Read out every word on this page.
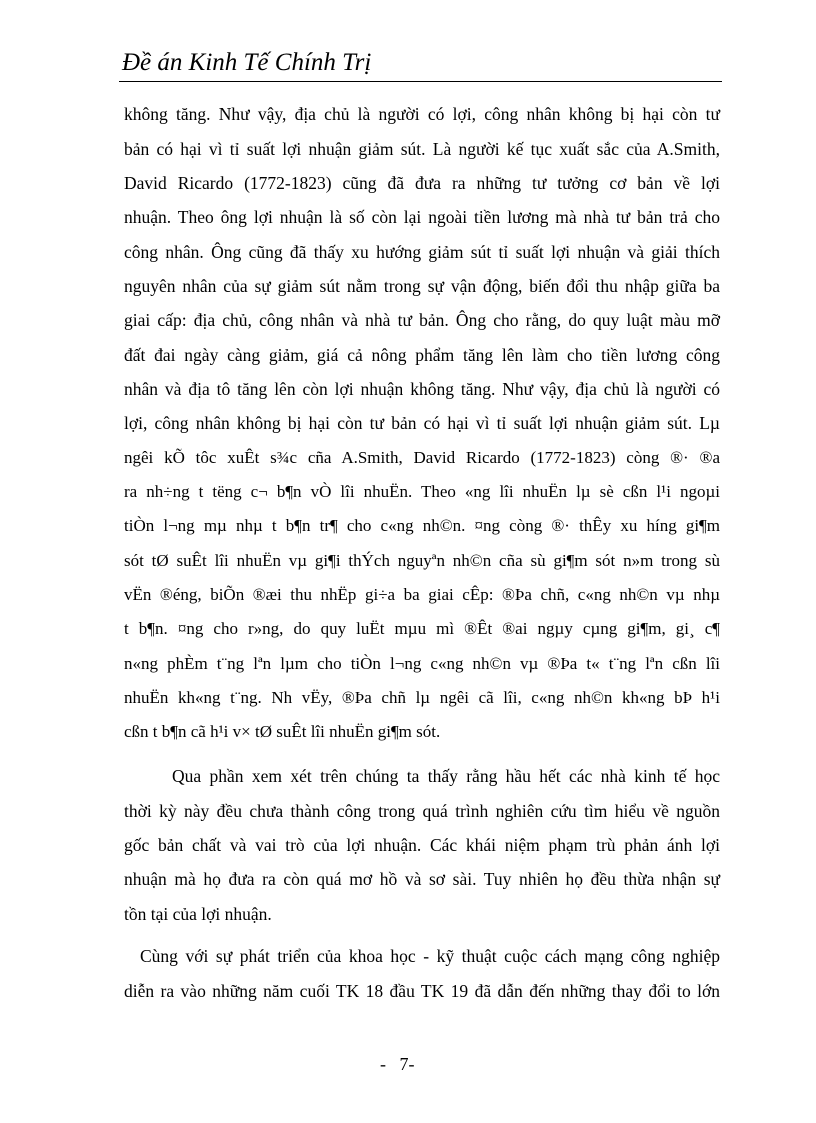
Đề án Kinh Tế Chính Trị
không tăng. Như vậy, địa chủ là người có lợi, công nhân không bị hại còn tư
bản có hại vì tỉ suất lợi nhuận giảm sút. Là người kế tục xuất sắc của A.Smith,
David Ricardo (1772-1823) cũng đã đưa ra những tư tưởng cơ bản về lợi
nhuận. Theo ông lợi nhuận là số còn lại ngoài tiền lương mà nhà tư bản trả cho
công nhân. Ông cũng đã thấy xu hướng giảm sút tỉ suất lợi nhuận và giải thích
nguyên nhân của sự giảm sút nằm trong sự vận động, biến đổi thu nhập giữa ba
giai cấp: địa chủ, công nhân và nhà tư bản. Ông cho rằng, do quy luật màu mỡ
đất đai ngày càng giảm, giá cả nông phẩm tăng lên làm cho tiền lương công
nhân và địa tô tăng lên còn lợi nhuận không tăng. Như vậy, địa chủ là người có
lợi, công nhân không bị hại còn tư bản có hại vì tỉ suất lợi nhuận giảm sút. Lµ
ngêi kÕ tôc xuÊt s¾c cña A.Smith, David Ricardo (1772-1823) còng ®· ®a
ra nh÷ng t tëng c¬ b¶n vÒ lîi nhuËn. Theo «ng lîi nhuËn lµ sè cßn l¹i ngoµi
tiÒn l¬ng mµ nhµ t b¶n tr¶ cho c«ng nh©n. ¤ng còng ®· thÊy xu híng gi¶m
sót tØ suÊt lîi nhuËn vµ gi¶i thÝch nguyªn nh©n cña sù gi¶m sót n»m trong sù
vËn ®éng, biÕn ®æi thu nhËp gi÷a ba giai cÊp: ®Þa chñ, c«ng nh©n vµ nhµ
t b¶n. ¤ng cho r»ng, do quy luËt mµu mì ®Êt ®ai ngµy cµng gi¶m, gi¸ c¶
n«ng phÈm t¨ng lªn lµm cho tiÒn l¬ng c«ng nh©n vµ ®Þa t« t¨ng lªn cßn lîi
nhuËn kh«ng t¨ng. Nh vËy, ®Þa chñ lµ ngêi cã lîi, c«ng nh©n kh«ng bÞ h¹i
cßn t b¶n cã h¹i v× tØ suÊt lîi nhuËn gi¶m sót.
Qua phần xem xét trên chúng ta thấy rằng hầu hết các nhà kinh tế học
thời kỳ này đều chưa thành công trong quá trình nghiên cứu tìm hiểu về nguồn
gốc bản chất và vai trò của lợi nhuận. Các khái niệm phạm trù phản ánh lợi
nhuận mà họ đưa ra còn quá mơ hồ và sơ sài. Tuy nhiên họ đều thừa nhận sự
tồn tại của lợi nhuận.
Cùng với sự phát triển của khoa học - kỹ thuật cuộc cách mạng công nghiệp
diễn ra vào những năm cuối TK 18 đầu TK 19 đã dẫn đến những thay đổi to lớn
-   7-
